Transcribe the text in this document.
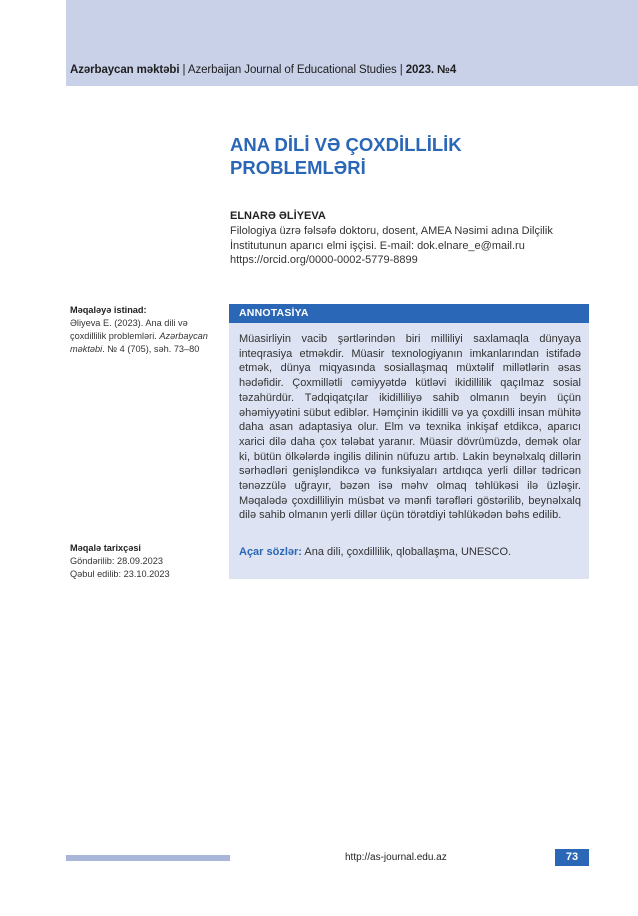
Azərbaycan məktəbi | Azerbaijan Journal of Educational Studies | 2023. №4
ANA DİLİ VƏ ÇOXDİLLİLİK
PROBLEMLƏRİ
ELNARƏ ƏLİYEVA
Filologiya üzrə fəlsəfə doktoru, dosent, AMEA Nəsimi adına Dilçilik
İnstitutunun aparıcı elmi işçisi. E-mail: dok.elnare_e@mail.ru
https://orcid.org/0000-0002-5779-8899
Məqaləyə istinad:
Əliyeva E. (2023). Ana dili və
çoxdillilik problemləri. Azərbaycan
məktəbi. № 4 (705), səh. 73–80
Məqalə tarixçəsi
Göndərilib: 28.09.2023
Qəbul edilib: 23.10.2023
ANNOTASİYA
Müasirliyin vacib şərtlərindən biri milliliyi saxlamaqla dünyaya inteqrasiya etməkdir. Müasir texnologiyanın imkanlarından istifadə etmək, dünya miqyasında sosiallaşmaq müxtəlif millətlərin əsas hədəfidir. Çoxmillətli cəmiyyətdə kütləvi ikidillilik qaçılmaz sosial təzahürdür. Tədqiqatçılar ikidilliliyə sahib olmanın beyin üçün əhəmiyyətini sübut ediblər. Həmçinin ikidilli və ya çoxdilli insan mühitə daha asan adaptasiya olur. Elm və texnika inkişaf etdikcə, aparıcı xarici dilə daha çox tələbat yaranır. Müasir dövrümüzdə, demək olar ki, bütün ölkələrdə ingilis dilinin nüfuzu artıb. Lakin beynəlxalq dillərin sərhədləri genişləndikcə və funksiyaları artdıqca yerli dillər tədricən tənəzzülə uğrayır, bəzən isə məhv olmaq təhlükəsi ilə üzləşir. Məqalədə çoxdilliliyin müsbət və mənfi tərəfləri göstərilib, beynəlxalq dilə sahib olmanın yerli dillər üçün törətdiyi təhlükədən bəhs edilib.
Açar sözlər: Ana dili, çoxdillilik, qloballaşma, UNESCO.
http://as-journal.edu.az	73
